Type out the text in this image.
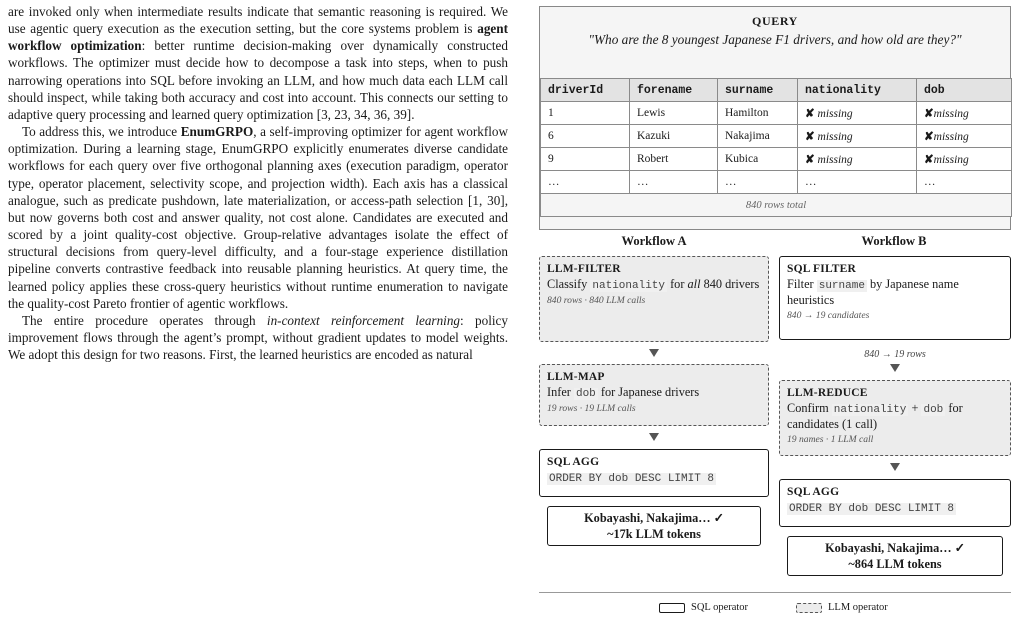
are invoked only when intermediate results indicate that semantic reasoning is required. We use agentic query execution as the execution setting, but the core systems problem is agent workflow optimization: better runtime decision-making over dynamically constructed workflows. The optimizer must decide how to decompose a task into steps, when to push narrowing operations into SQL before invoking an LLM, and how much data each LLM call should inspect, while taking both accuracy and cost into account. This connects our setting to adaptive query processing and learned query optimization [3, 23, 34, 36, 39].

To address this, we introduce EnumGRPO, a self-improving optimizer for agent workflow optimization. During a learning stage, EnumGRPO explicitly enumerates diverse candidate workflows for each query over five orthogonal planning axes (execution paradigm, operator type, operator placement, selectivity scope, and projection width). Each axis has a classical analogue, such as predicate pushdown, late materialization, or access-path selection [1, 30], but now governs both cost and answer quality, not cost alone. Candidates are executed and scored by a joint quality-cost objective. Group-relative advantages isolate the effect of structural decisions from query-level difficulty, and a four-stage experience distillation pipeline converts contrastive feedback into reusable planning heuristics. At query time, the learned policy applies these cross-query heuristics without runtime enumeration to navigate the quality-cost Pareto frontier of agentic workflows.

The entire procedure operates through in-context reinforcement learning: policy improvement flows through the agent’s prompt, without gradient updates to model weights. We adopt this design for two reasons. First, the learned heuristics are encoded as natural

QUERY
"Who are the 8 youngest Japanese F1 drivers, and how old are they?"
driverId	forename	surname	nationality	dob
1	Lewis	Hamilton	✘ missing	✘missing
6	Kazuki	Nakajima	✘ missing	✘missing
9	Robert	Kubica	✘ missing	✘missing
…	…	…	…	…
840 rows total				
Workflow A	Workflow B
LLM-FILTER
Classify nationality for all 840 drivers
840 rows · 840 LLM calls
LLM-MAP
Infer dob for Japanese drivers
19 rows · 19 LLM calls
SQL AGG
ORDER BY dob DESC LIMIT 8
Kobayashi, Nakajima… ✓
~17k LLM tokens
SQL FILTER
Filter surname by Japanese name heuristics
840 → 19 candidates
840 → 19 rows
LLM-REDUCE
Confirm nationality + dob for candidates (1 call)
19 names · 1 LLM call
SQL AGG
ORDER BY dob DESC LIMIT 8
Kobayashi, Nakajima… ✓
~864 LLM tokens
SQL operator	LLM operator
